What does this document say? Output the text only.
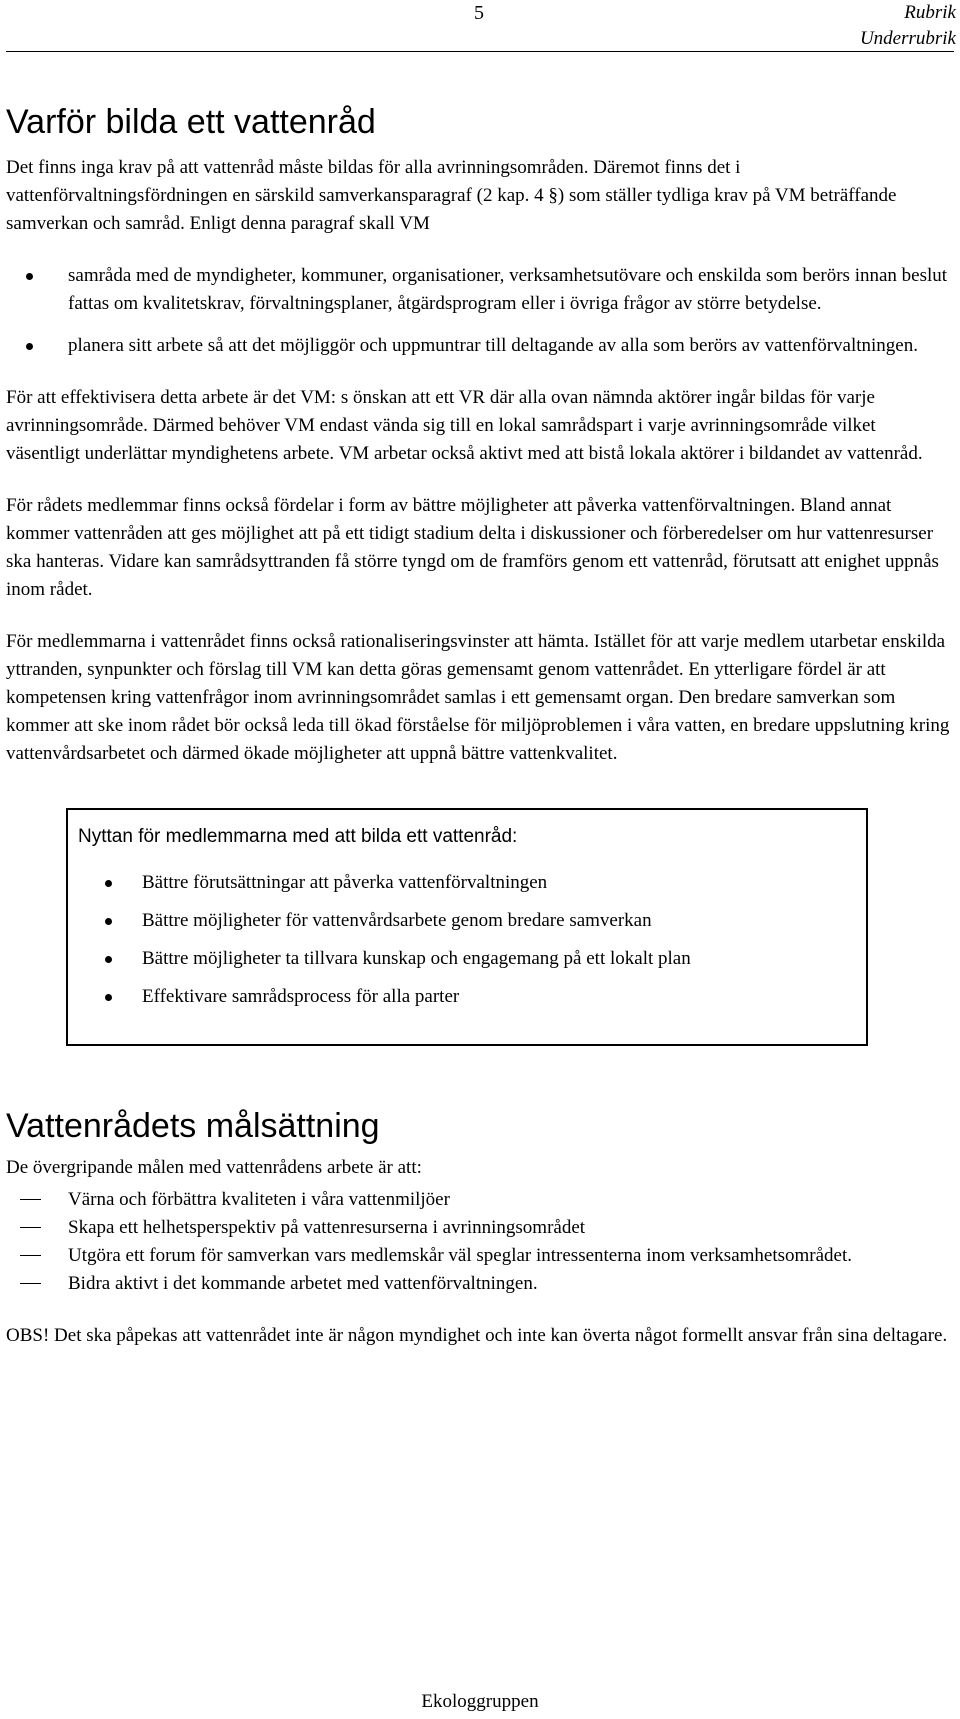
5	Rubrik
Underrubrik
Varför bilda ett vattenråd

Det finns inga krav på att vattenråd måste bildas för alla avrinningsområden. Däremot finns det i vattenförvaltningsfördningen en särskild samverkansparagraf (2 kap. 4 §) som ställer tydliga krav på VM beträffande samverkan och samråd. Enligt denna paragraf skall VM

samråda med de myndigheter, kommuner, organisationer, verksamhetsutövare och enskilda som berörs innan beslut fattas om kvalitetskrav, förvaltningsplaner, åtgärdsprogram eller i övriga frågor av större betydelse.
planera sitt arbete så att det möjliggör och uppmuntrar till deltagande av alla som berörs av vattenförvaltningen.

För att effektivisera detta arbete är det VM: s önskan att ett VR där alla ovan nämnda aktörer ingår bildas för varje avrinningsområde. Därmed behöver VM endast vända sig till en lokal samrådspart i varje avrinningsområde vilket väsentligt underlättar myndighetens arbete. VM arbetar också aktivt med att bistå lokala aktörer i bildandet av vattenråd.

För rådets medlemmar finns också fördelar i form av bättre möjligheter att påverka vattenförvaltningen. Bland annat kommer vattenråden att ges möjlighet att på ett tidigt stadium delta i diskussioner och förberedelser om hur vattenresurser ska hanteras. Vidare kan samrådsyttranden få större tyngd om de framförs genom ett vattenråd, förutsatt att enighet uppnås inom rådet.

För medlemmarna i vattenrådet finns också rationaliseringsvinster att hämta. Istället för att varje medlem utarbetar enskilda yttranden, synpunkter och förslag till VM kan detta göras gemensamt genom vattenrådet. En ytterligare fördel är att kompetensen kring vattenfrågor inom avrinningsområdet samlas i ett gemensamt organ. Den bredare samverkan som kommer att ske inom rådet bör också leda till ökad förståelse för miljöproblemen i våra vatten, en bredare uppslutning kring vattenvårdsarbetet och därmed ökade möjligheter att uppnå bättre vattenkvalitet.

Nyttan för medlemmarna med att bilda ett vattenråd:
Bättre förutsättningar att påverka vattenförvaltningen
Bättre möjligheter för vattenvårdsarbete genom bredare samverkan
Bättre möjligheter ta tillvara kunskap och engagemang på ett lokalt plan
Effektivare samrådsprocess för alla parter
Vattenrådets målsättning

De övergripande målen med vattenrådens arbete är att:

Värna och förbättra kvaliteten i våra vattenmiljöer
Skapa ett helhetsperspektiv på vattenresurserna i avrinningsområdet
Utgöra ett forum för samverkan vars medlemskår väl speglar intressenterna inom verksamhetsområdet.
Bidra aktivt i det kommande arbetet med vattenförvaltningen.

OBS! Det ska påpekas att vattenrådet inte är någon myndighet och inte kan överta något formellt ansvar från sina deltagare.

Ekologgruppen
